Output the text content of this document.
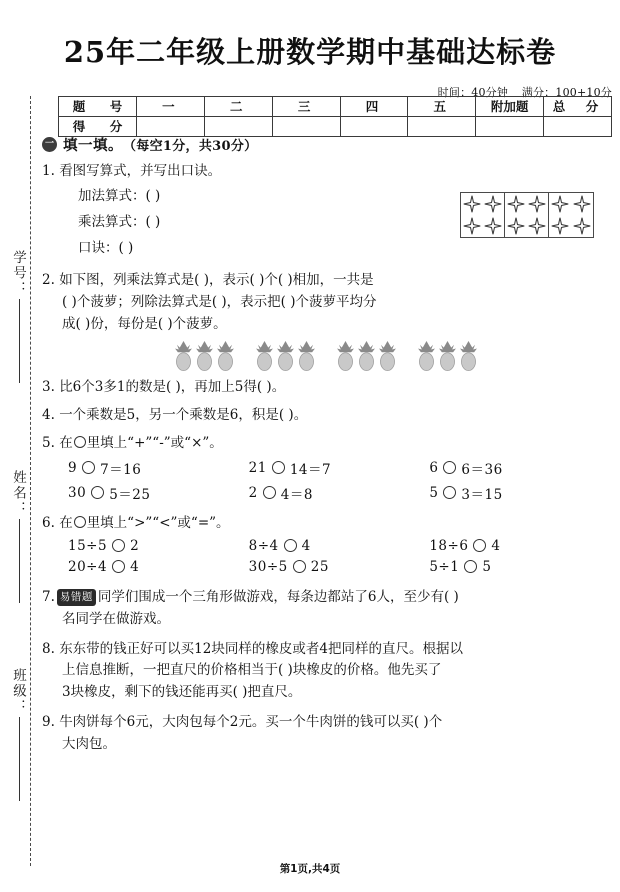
学号：
姓名：
班级：
25年二年级上册数学期中基础达标卷
时间：40分钟 满分：100+10分
题　号	一	二	三	四	五	附加题	总　分
得　分							
一 填一填。 （每空1分，共30分）
1. 看图写算式，并写出口诀。
加法算式：( )
乘法算式：( )
口诀：( )
2. 如下图，列乘法算式是( )，表示( )个( )相加，一共是
( )个菠萝；列除法算式是( )，表示把( )个菠萝平均分
成( )份，每份是( )个菠萝。
3. 比6个3多1的数是( )，再加上5得( )。
4. 一个乘数是5，另一个乘数是6，积是( )。
5. 在 里填上“+”“-”或“×”。
9 7＝16	21 14＝7	6 6＝36
30 5＝25	2 4＝8	5 3＝15
6. 在 里填上“>”“<”或“=”。
15÷5 2	8÷4 4	18÷6 4
20÷4 4	30÷5 25	5÷1 5
7. 易错题 同学们围成一个三角形做游戏，每条边都站了6人，至少有( )
名同学在做游戏。
8. 东东带的钱正好可以买12块同样的橡皮或者4把同样的直尺。根据以
上信息推断，一把直尺的价格相当于( )块橡皮的价格。他先买了
3块橡皮，剩下的钱还能再买( )把直尺。
9. 牛肉饼每个6元，大肉包每个2元。买一个牛肉饼的钱可以买( )个
大肉包。
第1页,共4页
